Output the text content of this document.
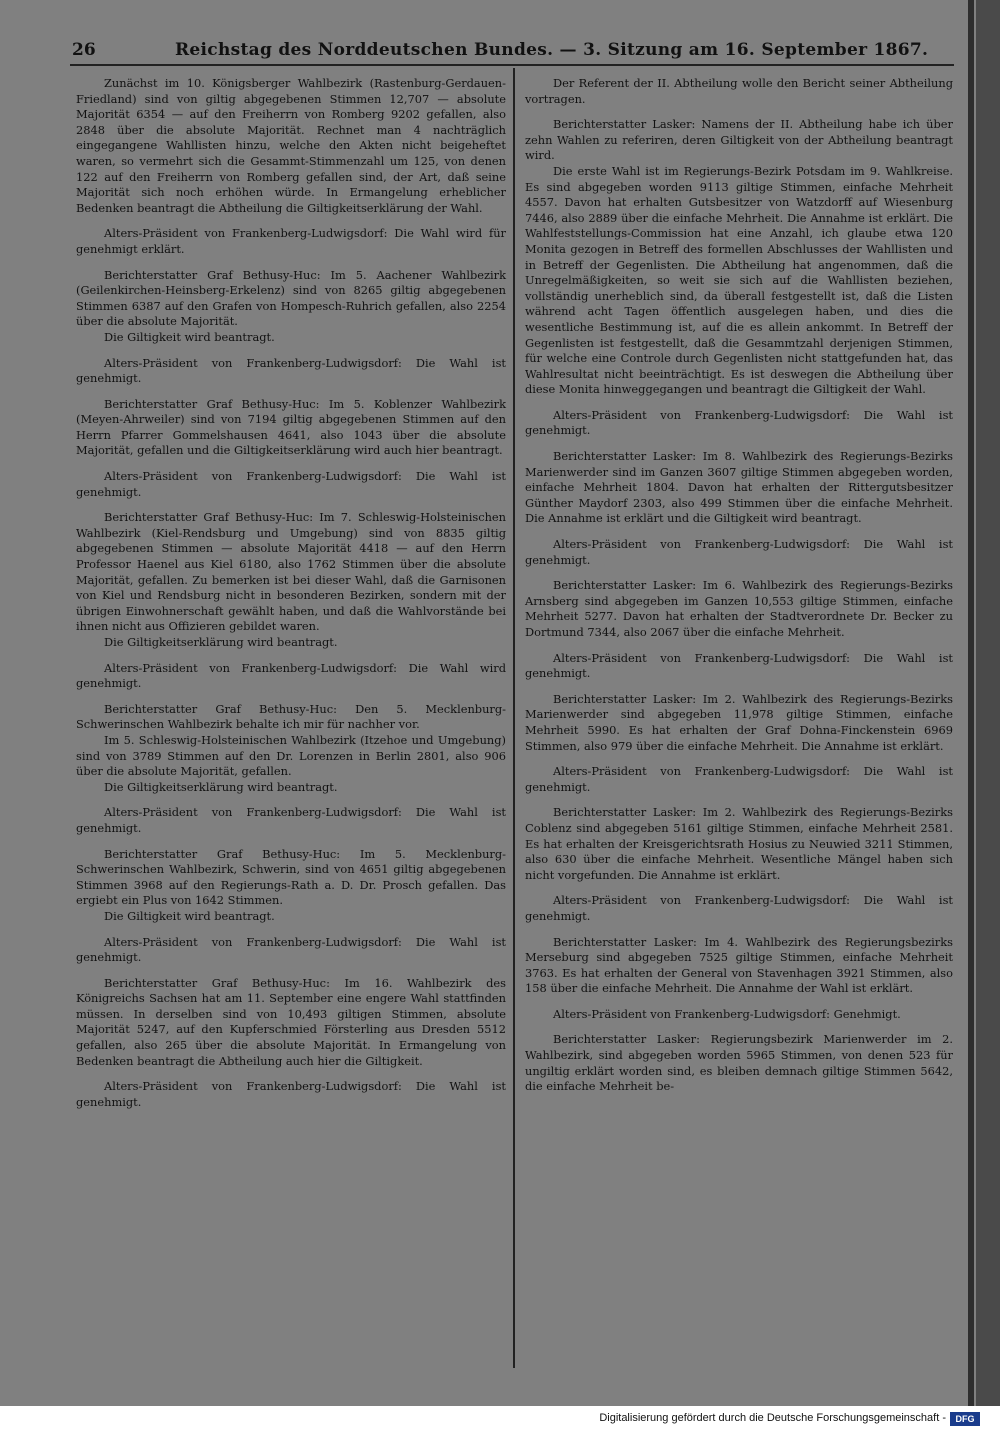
26	Reichstag des Norddeutschen Bundes. — 3. Sitzung am 16. September 1867.

Zunächst im 10. Königsberger Wahlbezirk (Rastenburg-Gerdauen-Friedland) sind von giltig abgegebenen Stimmen 12,707 — absolute Majorität 6354 — auf den Freiherrn von Romberg 9202 gefallen, also 2848 über die absolute Majorität. Rechnet man 4 nachträglich eingegangene Wahllisten hinzu, welche den Akten nicht beigeheftet waren, so vermehrt sich die Gesammt-Stimmenzahl um 125, von denen 122 auf den Freiherrn von Romberg gefallen sind, der Art, daß seine Majorität sich noch erhöhen würde. In Ermangelung erheblicher Bedenken beantragt die Abtheilung die Giltigkeitserklärung der Wahl.

Alters-Präsident von Frankenberg-Ludwigsdorf: Die Wahl wird für genehmigt erklärt.

Berichterstatter Graf Bethusy-Huc: Im 5. Aachener Wahlbezirk (Geilenkirchen-Heinsberg-Erkelenz) sind von 8265 giltig abgegebenen Stimmen 6387 auf den Grafen von Hompesch-Ruhrich gefallen, also 2254 über die absolute Majorität.

Die Giltigkeit wird beantragt.

Alters-Präsident von Frankenberg-Ludwigsdorf: Die Wahl ist genehmigt.

Berichterstatter Graf Bethusy-Huc: Im 5. Koblenzer Wahlbezirk (Meyen-Ahrweiler) sind von 7194 giltig abgegebenen Stimmen auf den Herrn Pfarrer Gommelshausen 4641, also 1043 über die absolute Majorität, gefallen und die Giltigkeitserklärung wird auch hier beantragt.

Alters-Präsident von Frankenberg-Ludwigsdorf: Die Wahl ist genehmigt.

Berichterstatter Graf Bethusy-Huc: Im 7. Schleswig-Holsteinischen Wahlbezirk (Kiel-Rendsburg und Umgebung) sind von 8835 giltig abgegebenen Stimmen — absolute Majorität 4418 — auf den Herrn Professor Haenel aus Kiel 6180, also 1762 Stimmen über die absolute Majorität, gefallen. Zu bemerken ist bei dieser Wahl, daß die Garnisonen von Kiel und Rendsburg nicht in besonderen Bezirken, sondern mit der übrigen Einwohnerschaft gewählt haben, und daß die Wahlvorstände bei ihnen nicht aus Offizieren gebildet waren.

Die Giltigkeitserklärung wird beantragt.

Alters-Präsident von Frankenberg-Ludwigsdorf: Die Wahl wird genehmigt.

Berichterstatter Graf Bethusy-Huc: Den 5. Mecklenburg-Schwerinschen Wahlbezirk behalte ich mir für nachher vor.

Im 5. Schleswig-Holsteinischen Wahlbezirk (Itzehoe und Umgebung) sind von 3789 Stimmen auf den Dr. Lorenzen in Berlin 2801, also 906 über die absolute Majorität, gefallen.

Die Giltigkeitserklärung wird beantragt.

Alters-Präsident von Frankenberg-Ludwigsdorf: Die Wahl ist genehmigt.

Berichterstatter Graf Bethusy-Huc: Im 5. Mecklenburg-Schwerinschen Wahlbezirk, Schwerin, sind von 4651 giltig abgegebenen Stimmen 3968 auf den Regierungs-Rath a. D. Dr. Prosch gefallen. Das ergiebt ein Plus von 1642 Stimmen.

Die Giltigkeit wird beantragt.

Alters-Präsident von Frankenberg-Ludwigsdorf: Die Wahl ist genehmigt.

Berichterstatter Graf Bethusy-Huc: Im 16. Wahlbezirk des Königreichs Sachsen hat am 11. September eine engere Wahl stattfinden müssen. In derselben sind von 10,493 giltigen Stimmen, absolute Majorität 5247, auf den Kupferschmied Försterling aus Dresden 5512 gefallen, also 265 über die absolute Majorität. In Ermangelung von Bedenken beantragt die Abtheilung auch hier die Giltigkeit.

Alters-Präsident von Frankenberg-Ludwigsdorf: Die Wahl ist genehmigt.

Der Referent der II. Abtheilung wolle den Bericht seiner Abtheilung vortragen.

Berichterstatter Lasker: Namens der II. Abtheilung habe ich über zehn Wahlen zu referiren, deren Giltigkeit von der Abtheilung beantragt wird.

Die erste Wahl ist im Regierungs-Bezirk Potsdam im 9. Wahlkreise. Es sind abgegeben worden 9113 giltige Stimmen, einfache Mehrheit 4557. Davon hat erhalten Gutsbesitzer von Watzdorff auf Wiesenburg 7446, also 2889 über die einfache Mehrheit. Die Annahme ist erklärt. Die Wahlfeststellungs-Commission hat eine Anzahl, ich glaube etwa 120 Monita gezogen in Betreff des formellen Abschlusses der Wahllisten und in Betreff der Gegenlisten. Die Abtheilung hat angenommen, daß die Unregelmäßigkeiten, so weit sie sich auf die Wahllisten beziehen, vollständig unerheblich sind, da überall festgestellt ist, daß die Listen während acht Tagen öffentlich ausgelegen haben, und dies die wesentliche Bestimmung ist, auf die es allein ankommt. In Betreff der Gegenlisten ist festgestellt, daß die Gesammtzahl derjenigen Stimmen, für welche eine Controle durch Gegenlisten nicht stattgefunden hat, das Wahlresultat nicht beeinträchtigt. Es ist deswegen die Abtheilung über diese Monita hinweggegangen und beantragt die Giltigkeit der Wahl.

Alters-Präsident von Frankenberg-Ludwigsdorf: Die Wahl ist genehmigt.

Berichterstatter Lasker: Im 8. Wahlbezirk des Regierungs-Bezirks Marienwerder sind im Ganzen 3607 giltige Stimmen abgegeben worden, einfache Mehrheit 1804. Davon hat erhalten der Rittergutsbesitzer Günther Maydorf 2303, also 499 Stimmen über die einfache Mehrheit. Die Annahme ist erklärt und die Giltigkeit wird beantragt.

Alters-Präsident von Frankenberg-Ludwigsdorf: Die Wahl ist genehmigt.

Berichterstatter Lasker: Im 6. Wahlbezirk des Regierungs-Bezirks Arnsberg sind abgegeben im Ganzen 10,553 giltige Stimmen, einfache Mehrheit 5277. Davon hat erhalten der Stadtverordnete Dr. Becker zu Dortmund 7344, also 2067 über die einfache Mehrheit.

Alters-Präsident von Frankenberg-Ludwigsdorf: Die Wahl ist genehmigt.

Berichterstatter Lasker: Im 2. Wahlbezirk des Regierungs-Bezirks Marienwerder sind abgegeben 11,978 giltige Stimmen, einfache Mehrheit 5990. Es hat erhalten der Graf Dohna-Finckenstein 6969 Stimmen, also 979 über die einfache Mehrheit. Die Annahme ist erklärt.

Alters-Präsident von Frankenberg-Ludwigsdorf: Die Wahl ist genehmigt.

Berichterstatter Lasker: Im 2. Wahlbezirk des Regierungs-Bezirks Coblenz sind abgegeben 5161 giltige Stimmen, einfache Mehrheit 2581. Es hat erhalten der Kreisgerichtsrath Hosius zu Neuwied 3211 Stimmen, also 630 über die einfache Mehrheit. Wesentliche Mängel haben sich nicht vorgefunden. Die Annahme ist erklärt.

Alters-Präsident von Frankenberg-Ludwigsdorf: Die Wahl ist genehmigt.

Berichterstatter Lasker: Im 4. Wahlbezirk des Regierungsbezirks Merseburg sind abgegeben 7525 giltige Stimmen, einfache Mehrheit 3763. Es hat erhalten der General von Stavenhagen 3921 Stimmen, also 158 über die einfache Mehrheit. Die Annahme der Wahl ist erklärt.

Alters-Präsident von Frankenberg-Ludwigsdorf: Genehmigt.

Berichterstatter Lasker: Regierungsbezirk Marienwerder im 2. Wahlbezirk, sind abgegeben worden 5965 Stimmen, von denen 523 für ungiltig erklärt worden sind, es bleiben demnach giltige Stimmen 5642, die einfache Mehrheit be-

Digitalisierung gefördert durch die Deutsche Forschungsgemeinschaft -	DFG
